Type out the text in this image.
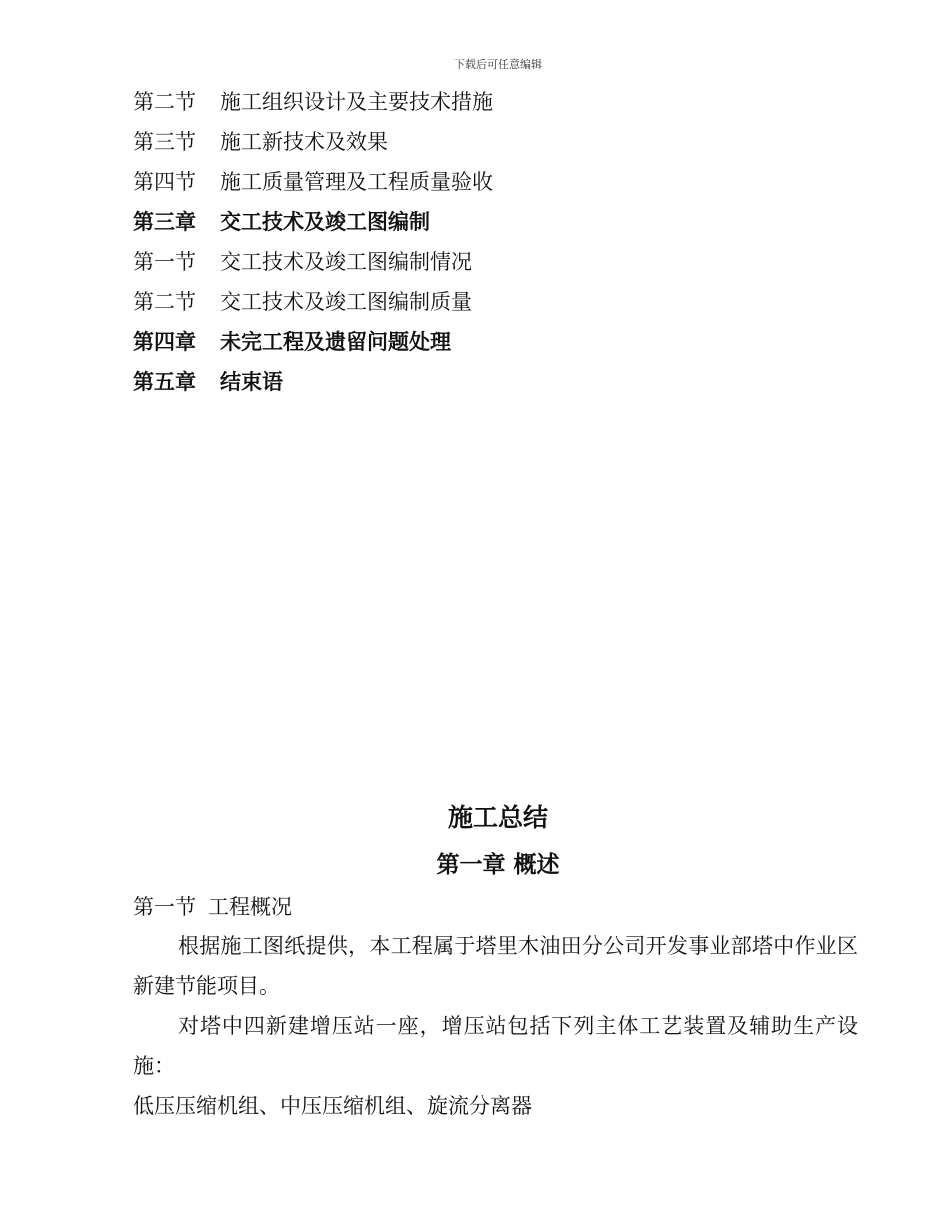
下载后可任意编辑
第二节 施工组织设计及主要技术措施
第三节 施工新技术及效果
第四节 施工质量管理及工程质量验收
第三章 交工技术及竣工图编制
第一节 交工技术及竣工图编制情况
第二节 交工技术及竣工图编制质量
第四章 未完工程及遗留问题处理
第五章 结束语
施工总结
第一章 概述
第一节 工程概况
根据施工图纸提供，本工程属于塔里木油田分公司开发事业部塔中作业区新建节能项目。
对塔中四新建增压站一座，增压站包括下列主体工艺装置及辅助生产设施：
低压压缩机组、中压压缩机组、旋流分离器
